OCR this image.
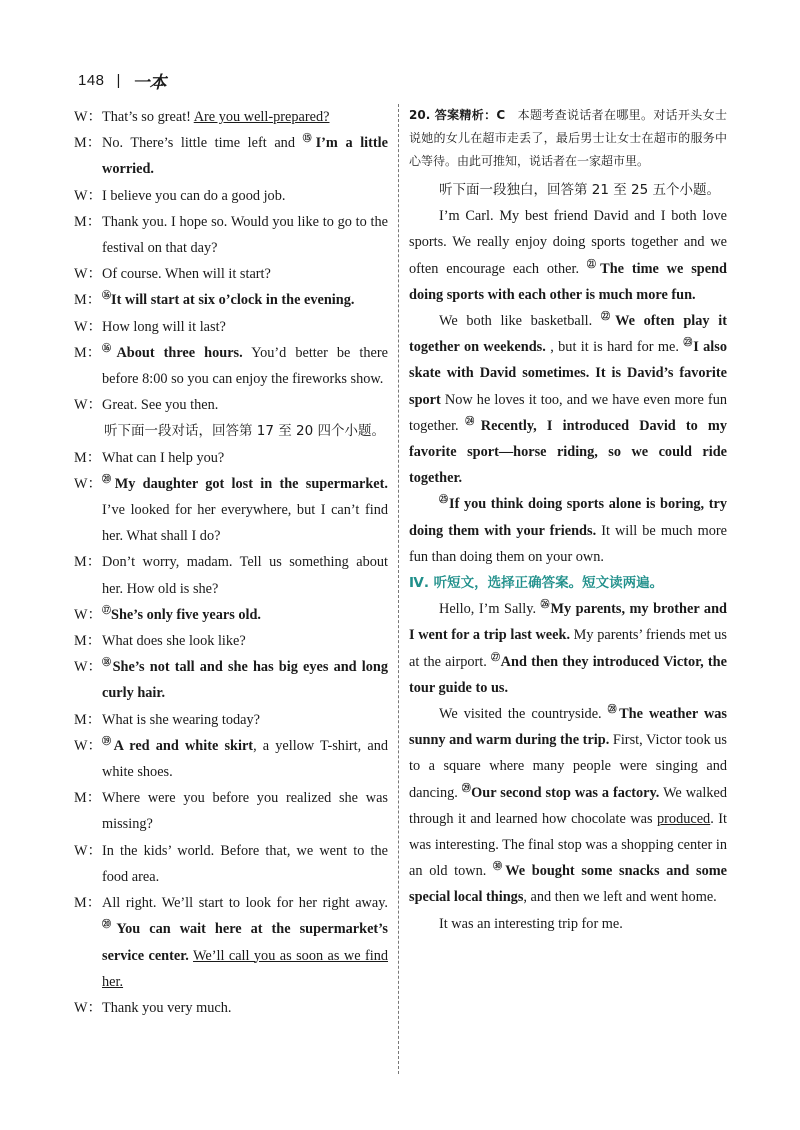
148 | 一本
W： That’s so great! Are you well-prepared?
M： No. There’s little time left and ⑮I’m a little worried.
W： I believe you can do a good job.
M： Thank you. I hope so. Would you like to go to the festival on that day?
W： Of course. When will it start?
M： ⑯It will start at six o’clock in the evening.
W： How long will it last?
M： ⑯About three hours. You’d better be there before 8:00 so you can enjoy the fireworks show.
W： Great. See you then.
听下面一段对话，回答第 17 至 20 四个小题。
M： What can I help you?
W： ⑳My daughter got lost in the supermarket. I’ve looked for her everywhere, but I can’t find her. What shall I do?
M： Don’t worry, madam. Tell us something about her. How old is she?
W： ⑰She’s only five years old.
M： What does she look like?
W： ⑱She’s not tall and she has big eyes and long curly hair.
M： What is she wearing today?
W： ⑲A red and white skirt, a yellow T-shirt, and white shoes.
M： Where were you before you realized she was missing?
W： In the kids’ world. Before that, we went to the food area.
M： All right. We’ll start to look for her right away. ⑳You can wait here at the supermarket’s service center. We’ll call you as soon as we find her.
W： Thank you very much.
20. 答案精析：C 本题考查说话者在哪里。对话开头女士说她的女儿在超市走丢了，最后男士让女士在超市的服务中心等待。由此可推知，说话者在一家超市里。
听下面一段独白，回答第 21 至 25 五个小题。
I’m Carl. My best friend David and I both love sports. We really enjoy doing sports together and we often encourage each other. $^㉑$The time we spend doing sports with each other is much more fun.
We both like basketball. $^㉒$We often play it together on weekends. , but it is hard for me. $^㉓$I also skate with David sometimes. It is David’s favorite sport Now he loves it too, and we have even more fun together.$^㉔$Recently, I introduced David to my favorite sport—horse riding, so we could ride together.
$^㉕$If you think doing sports alone is boring, try doing them with your friends. It will be much more fun than doing them on your own.
Ⅳ. 听短文，选择正确答案。短文读两遍。
Hello, I’m Sally. $^㉖$My parents, my brother and I went for a trip last week. My parents’ friends met us at the airport. $^㉗$And then they introduced Victor, the tour guide to us.
We visited the countryside. $^㉘$The weather was sunny and warm during the trip. First, Victor took us to a square where many people were singing and dancing. $^㉙$Our second stop was a factory. We walked through it and learned how chocolate was produced. It was interesting. The final stop was a shopping center in an old town. $^㉚$We bought some snacks and some special local things, and then we left and went home.
It was an interesting trip for me.
